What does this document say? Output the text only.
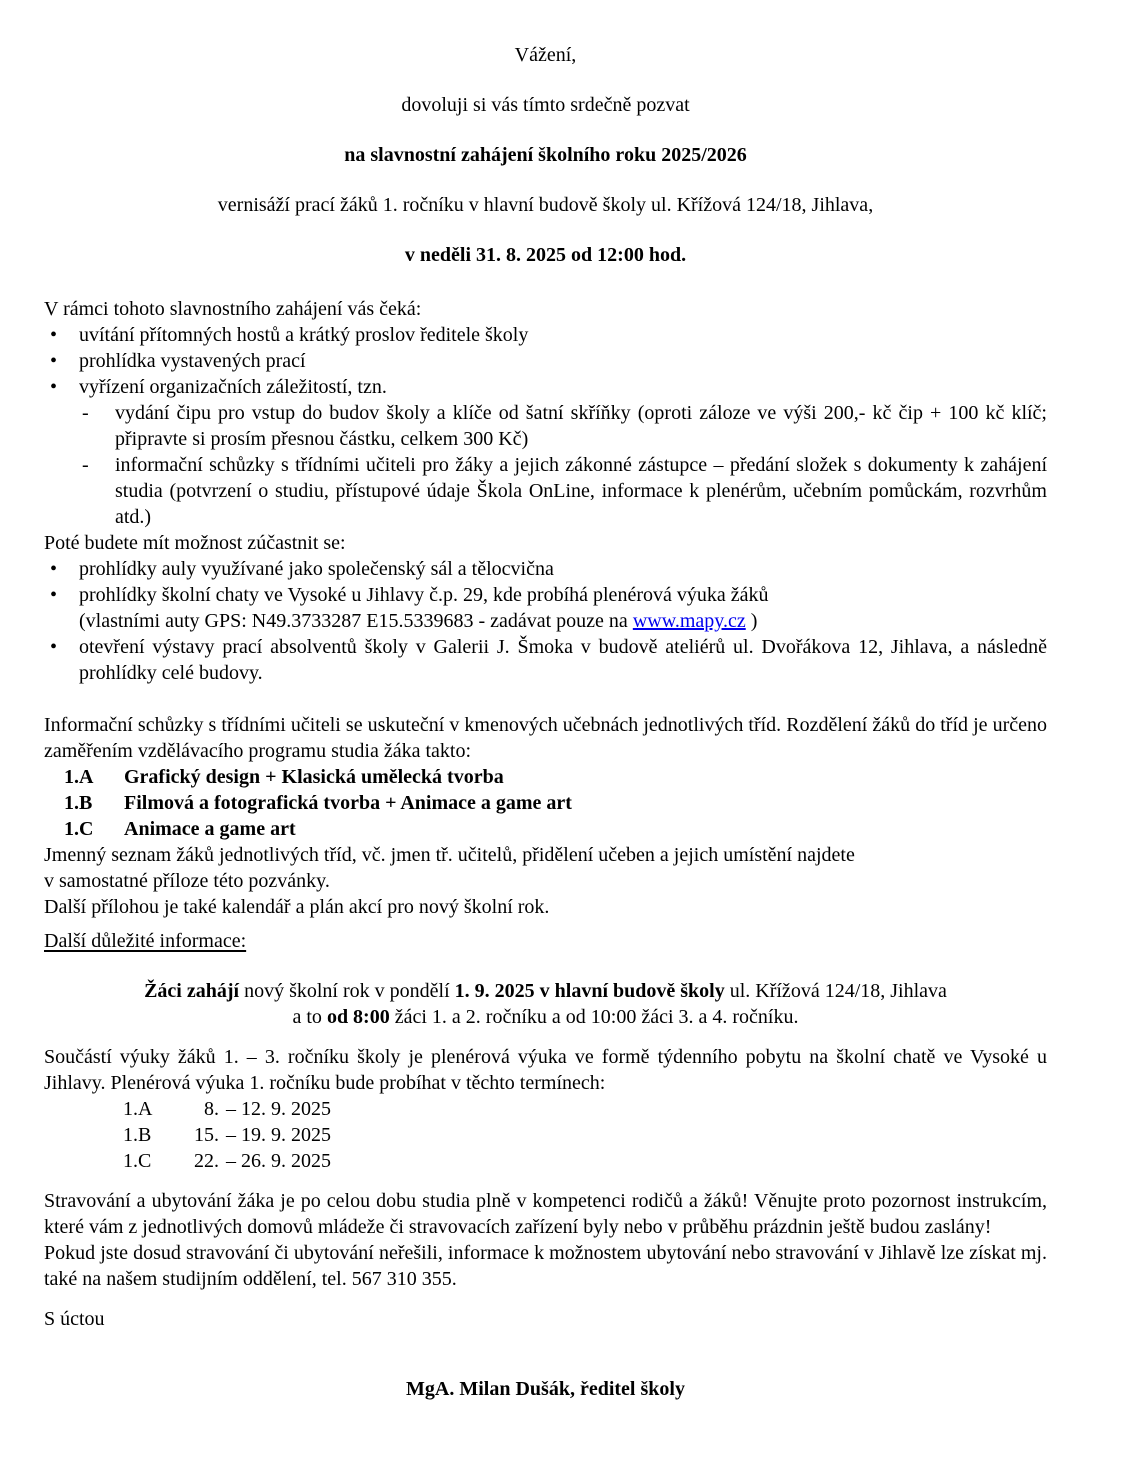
Vážení,

dovoluji si vás tímto srdečně pozvat

na slavnostní zahájení školního roku 2025/2026

vernisáží prací žáků 1. ročníku v hlavní budově školy ul. Křížová 124/18, Jihlava,

v neděli 31. 8. 2025 od 12:00 hod.

V rámci tohoto slavnostního zahájení vás čeká:

•	uvítání přítomných hostů a krátký proslov ředitele školy
•	prohlídka vystavených prací
•	vyřízení organizačních záležitostí, tzn.
-	vydání čipu pro vstup do budov školy a klíče od šatní skříňky (oproti záloze ve výši 200,- kč čip + 100 kč klíč; připravte si prosím přesnou částku, celkem 300 Kč)
-	informační schůzky s třídními učiteli pro žáky a jejich zákonné zástupce – předání složek s dokumenty k zahájení studia (potvrzení o studiu, přístupové údaje Škola OnLine, informace k plenérům, učebním pomůckám, rozvrhům atd.)

Poté budete mít možnost zúčastnit se:

•	prohlídky auly využívané jako společenský sál a tělocvična
•	prohlídky školní chaty ve Vysoké u Jihlavy č.p. 29, kde probíhá plenérová výuka žáků
(vlastními auty GPS: N49.3733287 E15.5339683 - zadávat pouze na www.mapy.cz )
•	otevření výstavy prací absolventů školy v Galerii J. Šmoka v budově ateliérů ul. Dvořákova 12, Jihlava, a následně prohlídky celé budovy.

Informační schůzky s třídními učiteli se uskuteční v kmenových učebnách jednotlivých tříd. Rozdělení žáků do tříd je určeno zaměřením vzdělávacího programu studia žáka takto:

1.A Grafický design + Klasická umělecká tvorba
1.B Filmová a fotografická tvorba + Animace a game art
1.C Animace a game art

Jmenný seznam žáků jednotlivých tříd, vč. jmen tř. učitelů, přidělení učeben a jejich umístění najdete
v samostatné příloze této pozvánky.

Další přílohou je také kalendář a plán akcí pro nový školní rok.

Další důležité informace:

Žáci zahájí nový školní rok v pondělí 1. 9. 2025 v hlavní budově školy ul. Křížová 124/18, Jihlava

a to od 8:00 žáci 1. a 2. ročníku a od 10:00 žáci 3. a 4. ročníku.

Součástí výuky žáků 1. – 3. ročníku školy je plenérová výuka ve formě týdenního pobytu na školní chatě ve Vysoké u Jihlavy. Plenérová výuka 1. ročníku bude probíhat v těchto termínech:

1.A	8. – 12. 9. 2025
1.B 15. – 19. 9. 2025
1.C 22. – 26. 9. 2025

Stravování a ubytování žáka je po celou dobu studia plně v kompetenci rodičů a žáků! Věnujte proto pozornost instrukcím, které vám z jednotlivých domovů mládeže či stravovacích zařízení byly nebo v průběhu prázdnin ještě budou zaslány!

Pokud jste dosud stravování či ubytování neřešili, informace k možnostem ubytování nebo stravování v Jihlavě lze získat mj. také na našem studijním oddělení, tel. 567 310 355.

S úctou

MgA. Milan Dušák, ředitel školy
